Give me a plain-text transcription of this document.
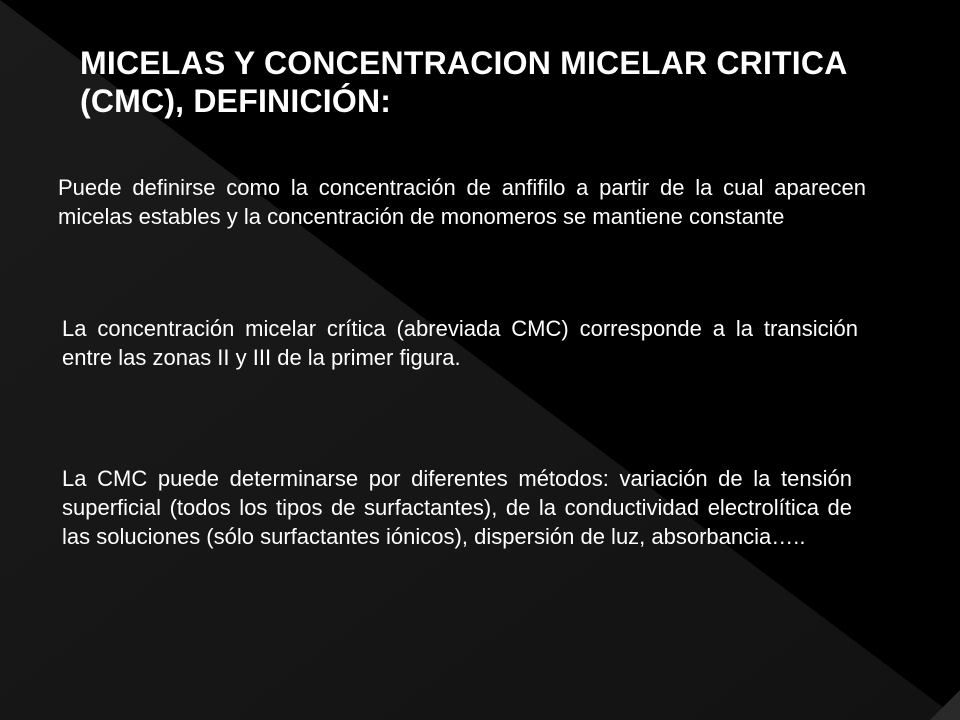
MICELAS Y CONCENTRACION MICELAR CRITICA (CMC), DEFINICIÓN:

Puede definirse como la concentración de anfifilo a partir de la cual aparecen micelas estables y la concentración de monomeros se mantiene constante

La concentración micelar crítica (abreviada CMC) corresponde a la transición entre las zonas II y III de la primer figura.

La CMC puede determinarse por diferentes métodos: variación de la tensión superficial (todos los tipos de surfactantes), de la conductividad electrolítica de las soluciones (sólo surfactantes iónicos), dispersión de luz, absorbancia…..
